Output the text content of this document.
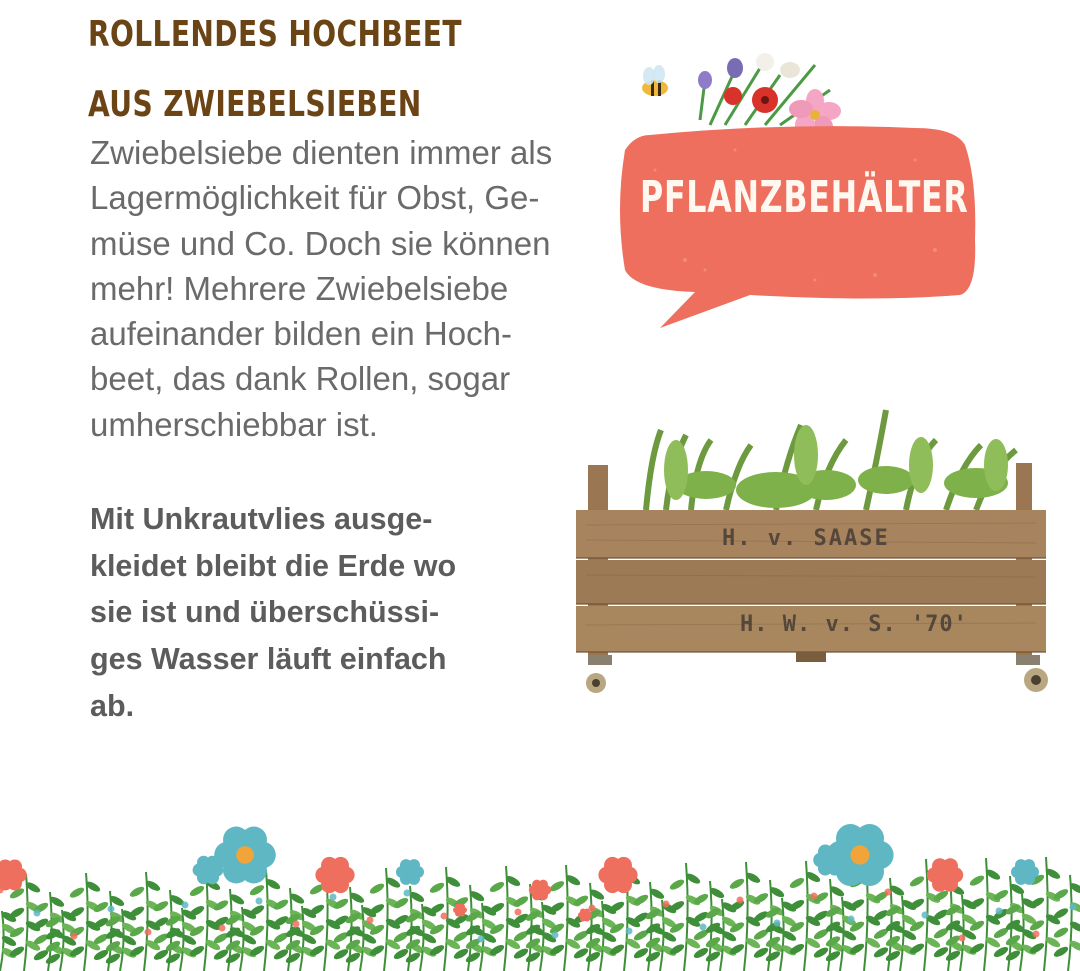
ROLLENDES HOCHBEET AUS ZWIEBELSIEBEN

Zwiebelsiebe dienten immer als
Lagermöglichkeit für Obst, Ge-
müse und Co. Doch sie können
mehr! Mehrere Zwiebelsiebe
aufeinander bilden ein Hoch-
beet, das dank Rollen, sogar
umherschiebbar ist.

Mit Unkrautvlies ausge-
kleidet bleibt die Erde wo
sie ist und überschüssi-
ges Wasser läuft einfach
ab.

PFLANZBEHÄLTER
H. v. SAASE
H. W. v. S. '70'
